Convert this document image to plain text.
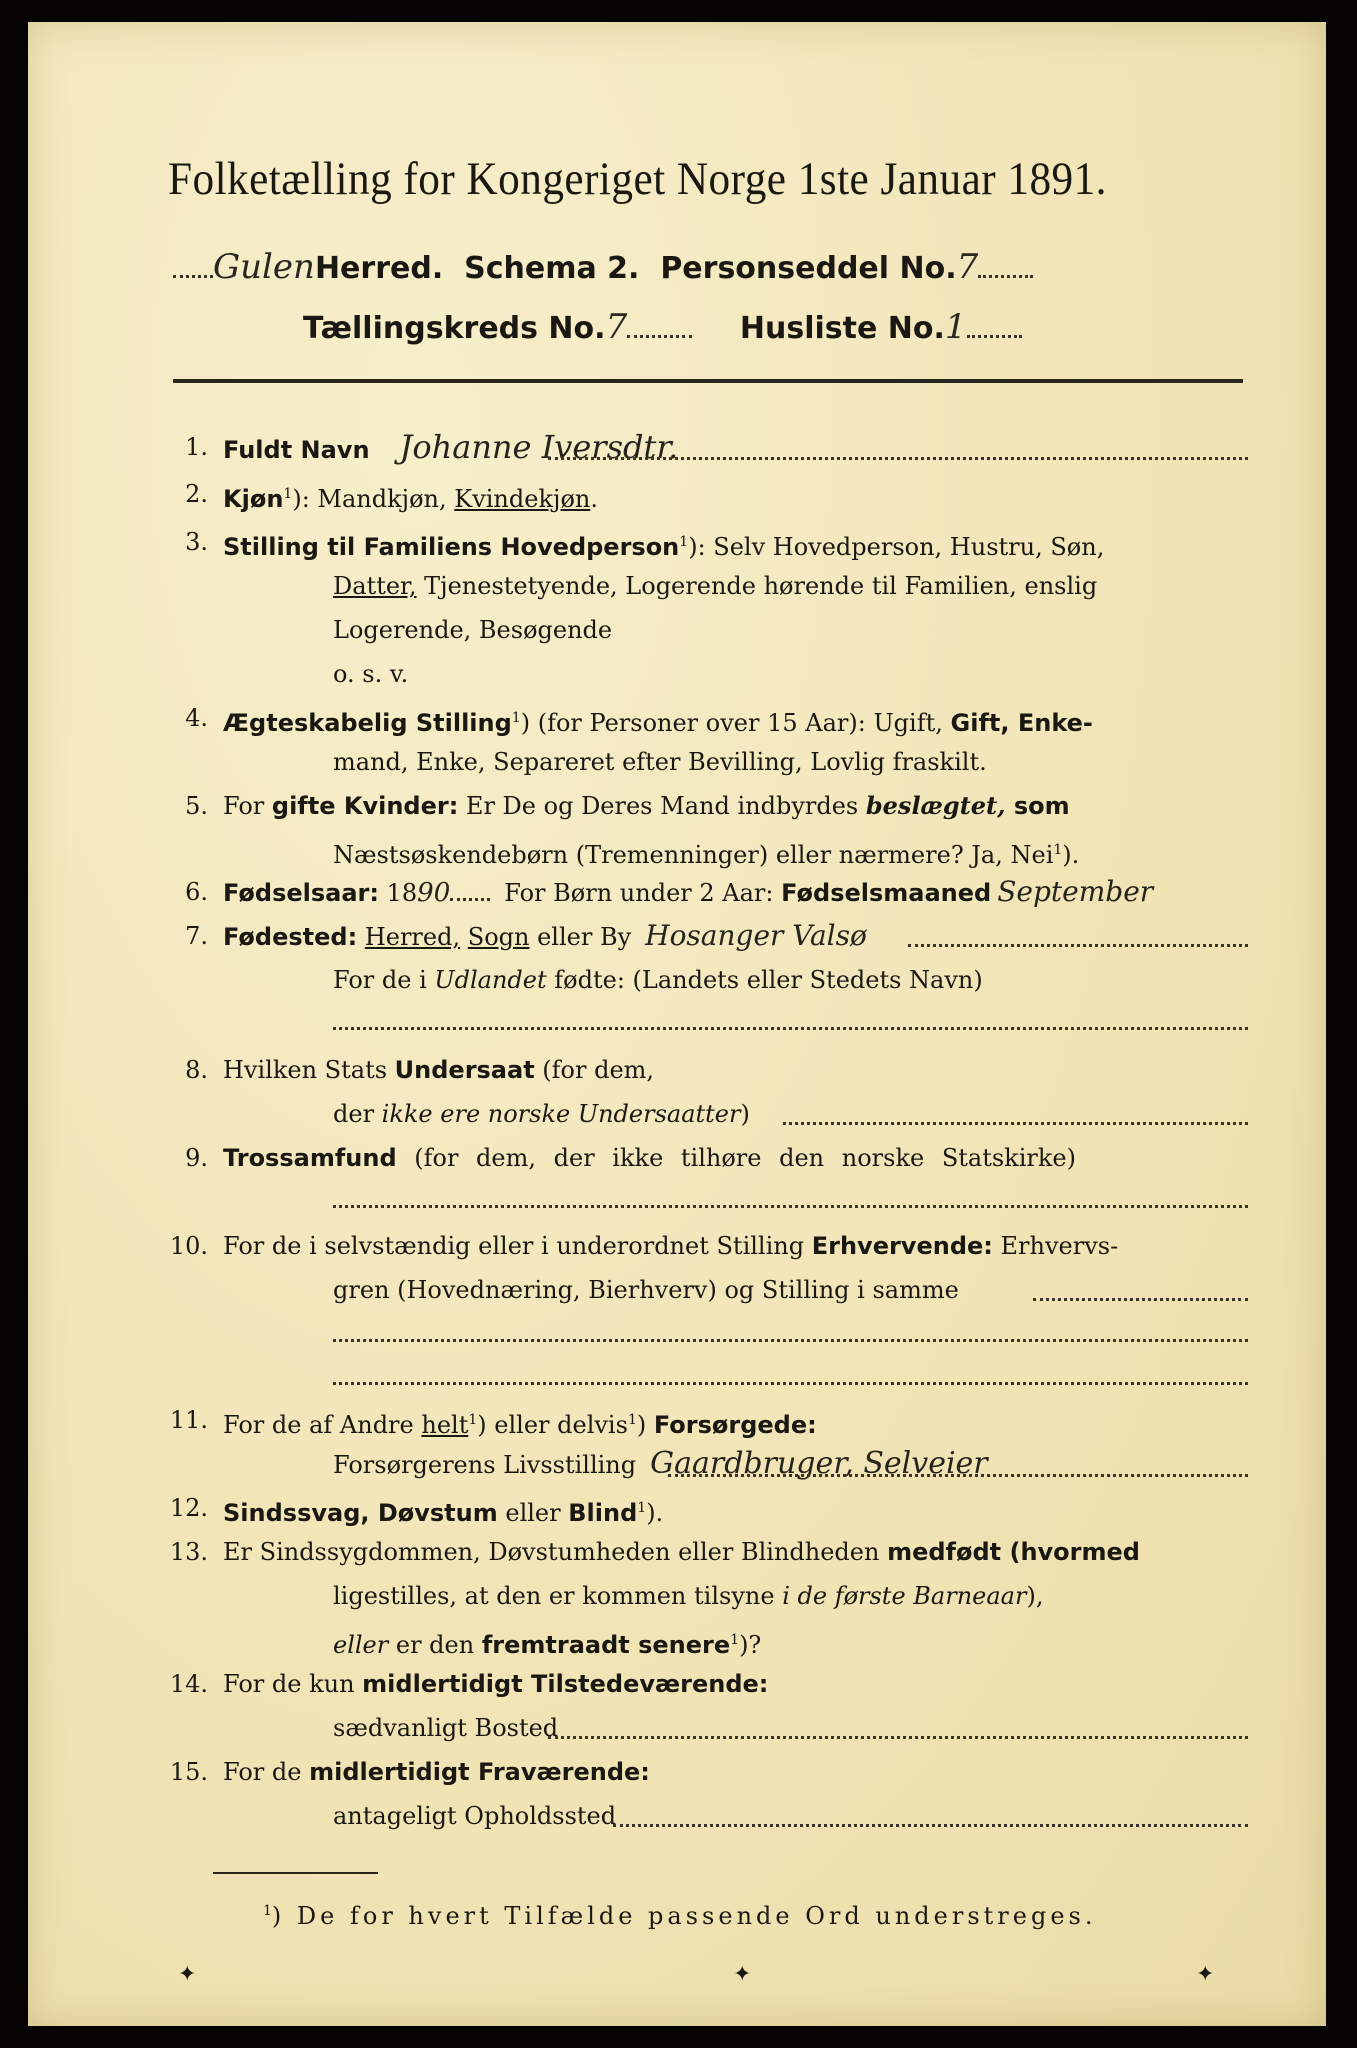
Folketælling for Kongeriget Norge 1ste Januar 1891.
GulenHerred. Schema 2. Personseddel No.7
Tællingskreds No.7	Husliste No.1
1. Fuldt Navn Johanne Iversdtr.
2. Kjøn$^1$): Mandkjøn, Kvindekjøn.
3. Stilling til Familiens Hovedperson$^1$): Selv Hovedperson, Hustru, Søn,
Datter, Tjenestetyende, Logerende hørende til Familien, enslig
Logerende, Besøgende
o. s. v.
4. Ægteskabelig Stilling$^1$) (for Personer over 15 Aar): Ugift, Gift, Enke-
mand, Enke, Separeret efter Bevilling, Lovlig fraskilt.
5. For gifte Kvinder: Er De og Deres Mand indbyrdes beslægtet, som
Næstsøskendebørn (Tremenninger) eller nærmere? Ja, Nei$^1$).
6. Fødselsaar: 1890 For Børn under 2 Aar: Fødselsmaaned September
7. Fødested: Herred, Sogn eller By Hosanger Valsø
For de i Udlandet fødte: (Landets eller Stedets Navn)
8. Hvilken Stats Undersaat (for dem,
der ikke ere norske Undersaatter)
9. Trossamfund (for dem, der ikke tilhøre den norske Statskirke)
10. For de i selvstændig eller i underordnet Stilling Erhvervende: Erhvervs-
gren (Hovednæring, Bierhverv) og Stilling i samme
11. For de af Andre helt$^1$) eller delvis$^1$) Forsørgede:
Forsørgerens Livsstilling Gaardbruger, Selveier
12. Sindssvag, Døvstum eller Blind$^1$).
13. Er Sindssygdommen, Døvstumheden eller Blindheden medfødt (hvormed
ligestilles, at den er kommen tilsyne i de første Barneaar),
eller er den fremtraadt senere$^1$)?
14. For de kun midlertidigt Tilstedeværende:
sædvanligt Bosted
15. For de midlertidigt Fraværende:
antageligt Opholdssted
$^1$) De for hvert Tilfælde passende Ord understreges.
✦	✦	✦
